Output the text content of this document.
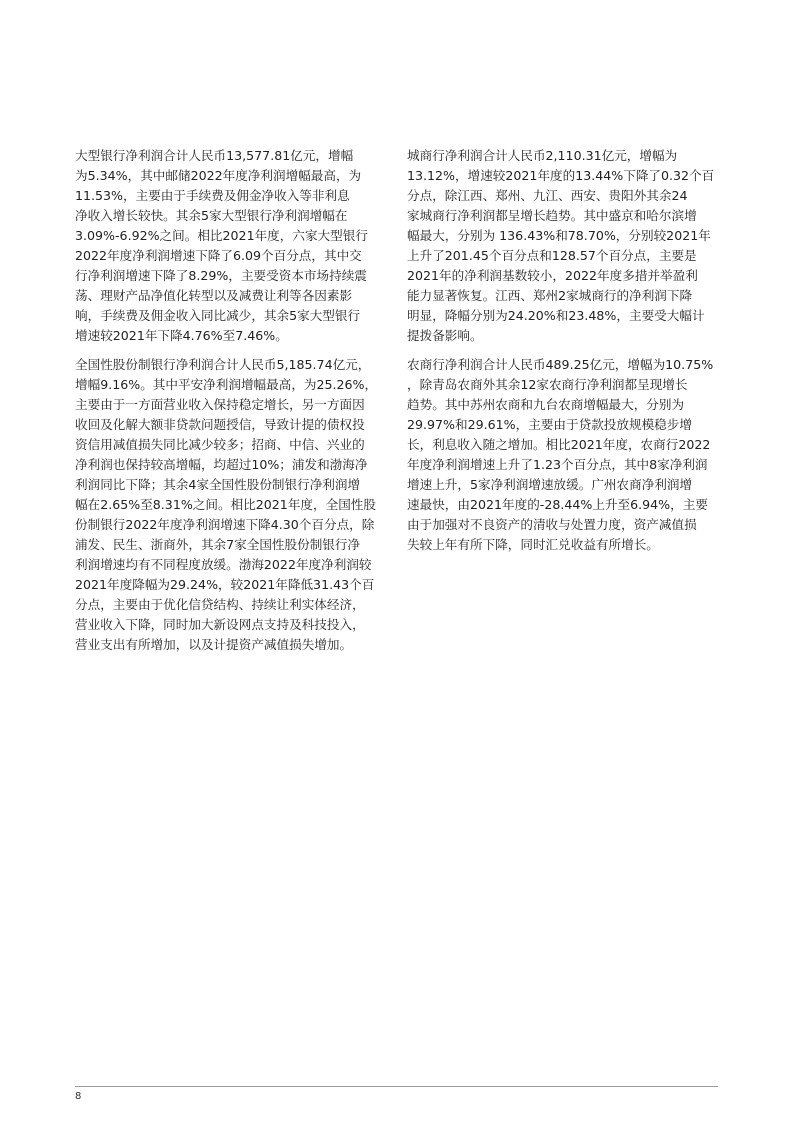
大型银行净利润合计人民币13,577.81亿元，增幅
为5.34%，其中邮储2022年度净利润增幅最高，为
11.53%，主要由于手续费及佣金净收入等非利息
净收入增长较快。其余5家大型银行净利润增幅在
3.09%-6.92%之间。相比2021年度，六家大型银行
2022年度净利润增速下降了6.09个百分点，其中交
行净利润增速下降了8.29%，主要受资本市场持续震
荡、理财产品净值化转型以及减费让利等各因素影
响，手续费及佣金收入同比减少，其余5家大型银行
增速较2021年下降4.76%至7.46%。

全国性股份制银行净利润合计人民币5,185.74亿元，
增幅9.16%。其中平安净利润增幅最高，为25.26%，
主要由于一方面营业收入保持稳定增长，另一方面因
收回及化解大额非贷款问题授信，导致计提的债权投
资信用减值损失同比减少较多；招商、中信、兴业的
净利润也保持较高增幅，均超过10%；浦发和渤海净
利润同比下降；其余4家全国性股份制银行净利润增
幅在2.65%至8.31%之间。相比2021年度，全国性股
份制银行2022年度净利润增速下降4.30个百分点，除
浦发、民生、浙商外，其余7家全国性股份制银行净
利润增速均有不同程度放缓。渤海2022年度净利润较
2021年度降幅为29.24%，较2021年降低31.43个百
分点，主要由于优化信贷结构、持续让利实体经济，
营业收入下降，同时加大新设网点支持及科技投入，
营业支出有所增加，以及计提资产减值损失增加。

城商行净利润合计人民币2,110.31亿元，增幅为
13.12%，增速较2021年度的13.44%下降了0.32个百
分点，除江西、郑州、九江、西安、贵阳外其余24
家城商行净利润都呈增长趋势。其中盛京和哈尔滨增
幅最大，分别为 136.43%和78.70%，分别较2021年
上升了201.45个百分点和128.57个百分点，主要是
2021年的净利润基数较小，2022年度多措并举盈利
能力显著恢复。江西、郑州2家城商行的净利润下降
明显，降幅分别为24.20%和23.48%，主要受大幅计
提拨备影响。

农商行净利润合计人民币489.25亿元，增幅为10.75%
，除青岛农商外其余12家农商行净利润都呈现增长
趋势。其中苏州农商和九台农商增幅最大，分别为
29.97%和29.61%，主要由于贷款投放规模稳步增
长，利息收入随之增加。相比2021年度，农商行2022
年度净利润增速上升了1.23个百分点，其中8家净利润
增速上升，5家净利润增速放缓。广州农商净利润增
速最快，由2021年度的-28.44%上升至6.94%，主要
由于加强对不良资产的清收与处置力度，资产减值损
失较上年有所下降，同时汇兑收益有所增长。

8
